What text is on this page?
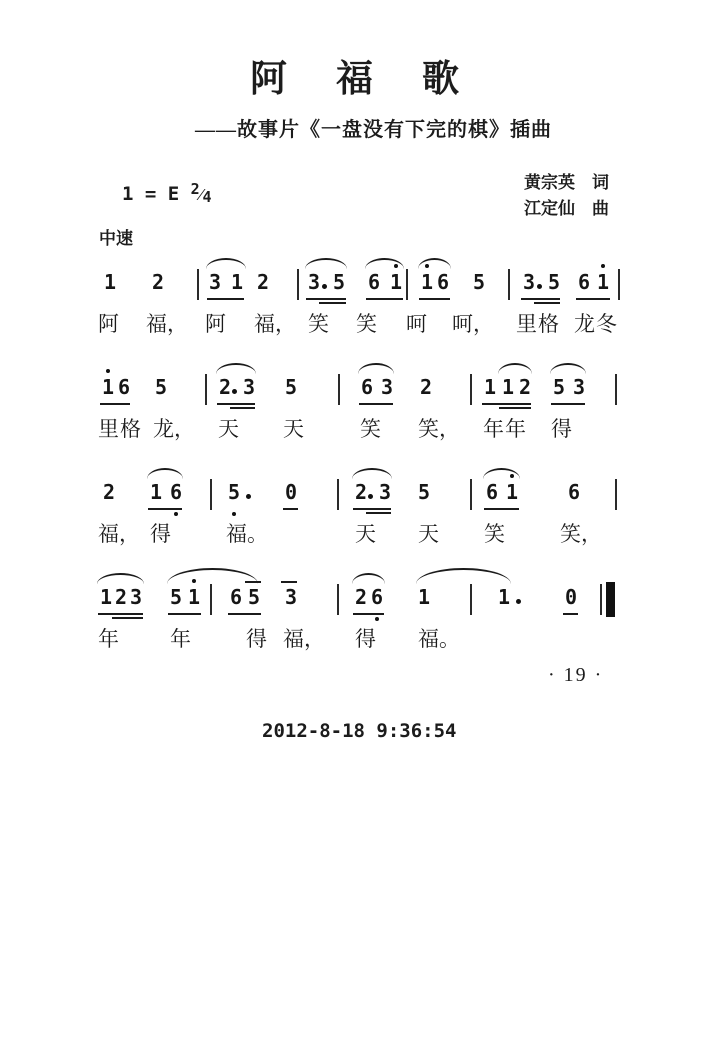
阿　福　歌
——故事片《一盘没有下完的棋》插曲
1 = E $^2$⁄4
黄宗英　词
江定仙　曲
中速
1 2 3 1 2 3 5 6 1 1 6 5 3 5 6 1
阿 福， 阿 福， 笑 笑 呵 呵， 里 格 龙 冬
1 6 5	2 3 5	6 3 2	1 1 2 5 3
里 格 龙， 天 天	笑 笑， 年 年 得
2 1 6 5 0	2 3 5	6 1 6
福， 得	福。	天 天 笑	笑，
1 2 3 5 1 6 5 3	2 6 1	1	0
年 年	得 福， 得 福。
· 19 ·
2012-8-18 9:36:54
